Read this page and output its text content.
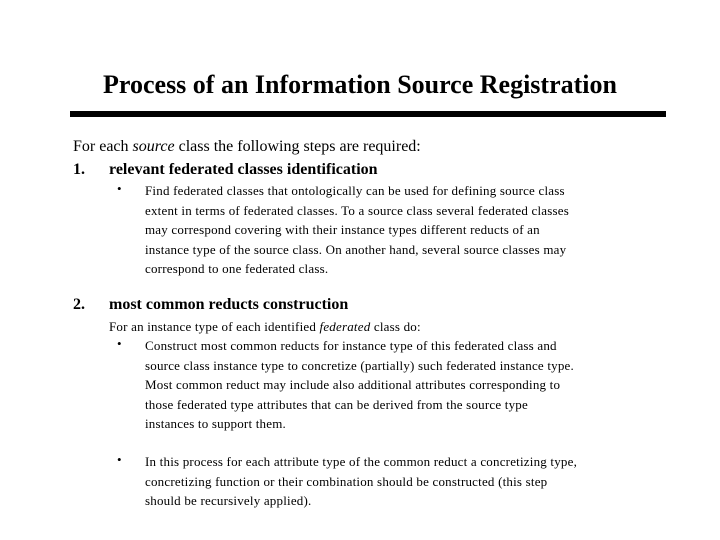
Process of an Information Source Registration
For each source class the following steps are required:
1. relevant federated classes identification
• Find federated classes that ontologically can be used for defining source class
extent in terms of federated classes. To a source class several federated classes
may correspond covering with their instance types different reducts of an
instance type of the source class. On another hand, several source classes may
correspond to one federated class.
2. most common reducts construction
For an instance type of each identified federated class do:
• Construct most common reducts for instance type of this federated class and
source class instance type to concretize (partially) such federated instance type.
Most common reduct may include also additional attributes corresponding to
those federated type attributes that can be derived from the source type
instances to support them.
• In this process for each attribute type of the common reduct a concretizing type,
concretizing function or their combination should be constructed (this step
should be recursively applied).
